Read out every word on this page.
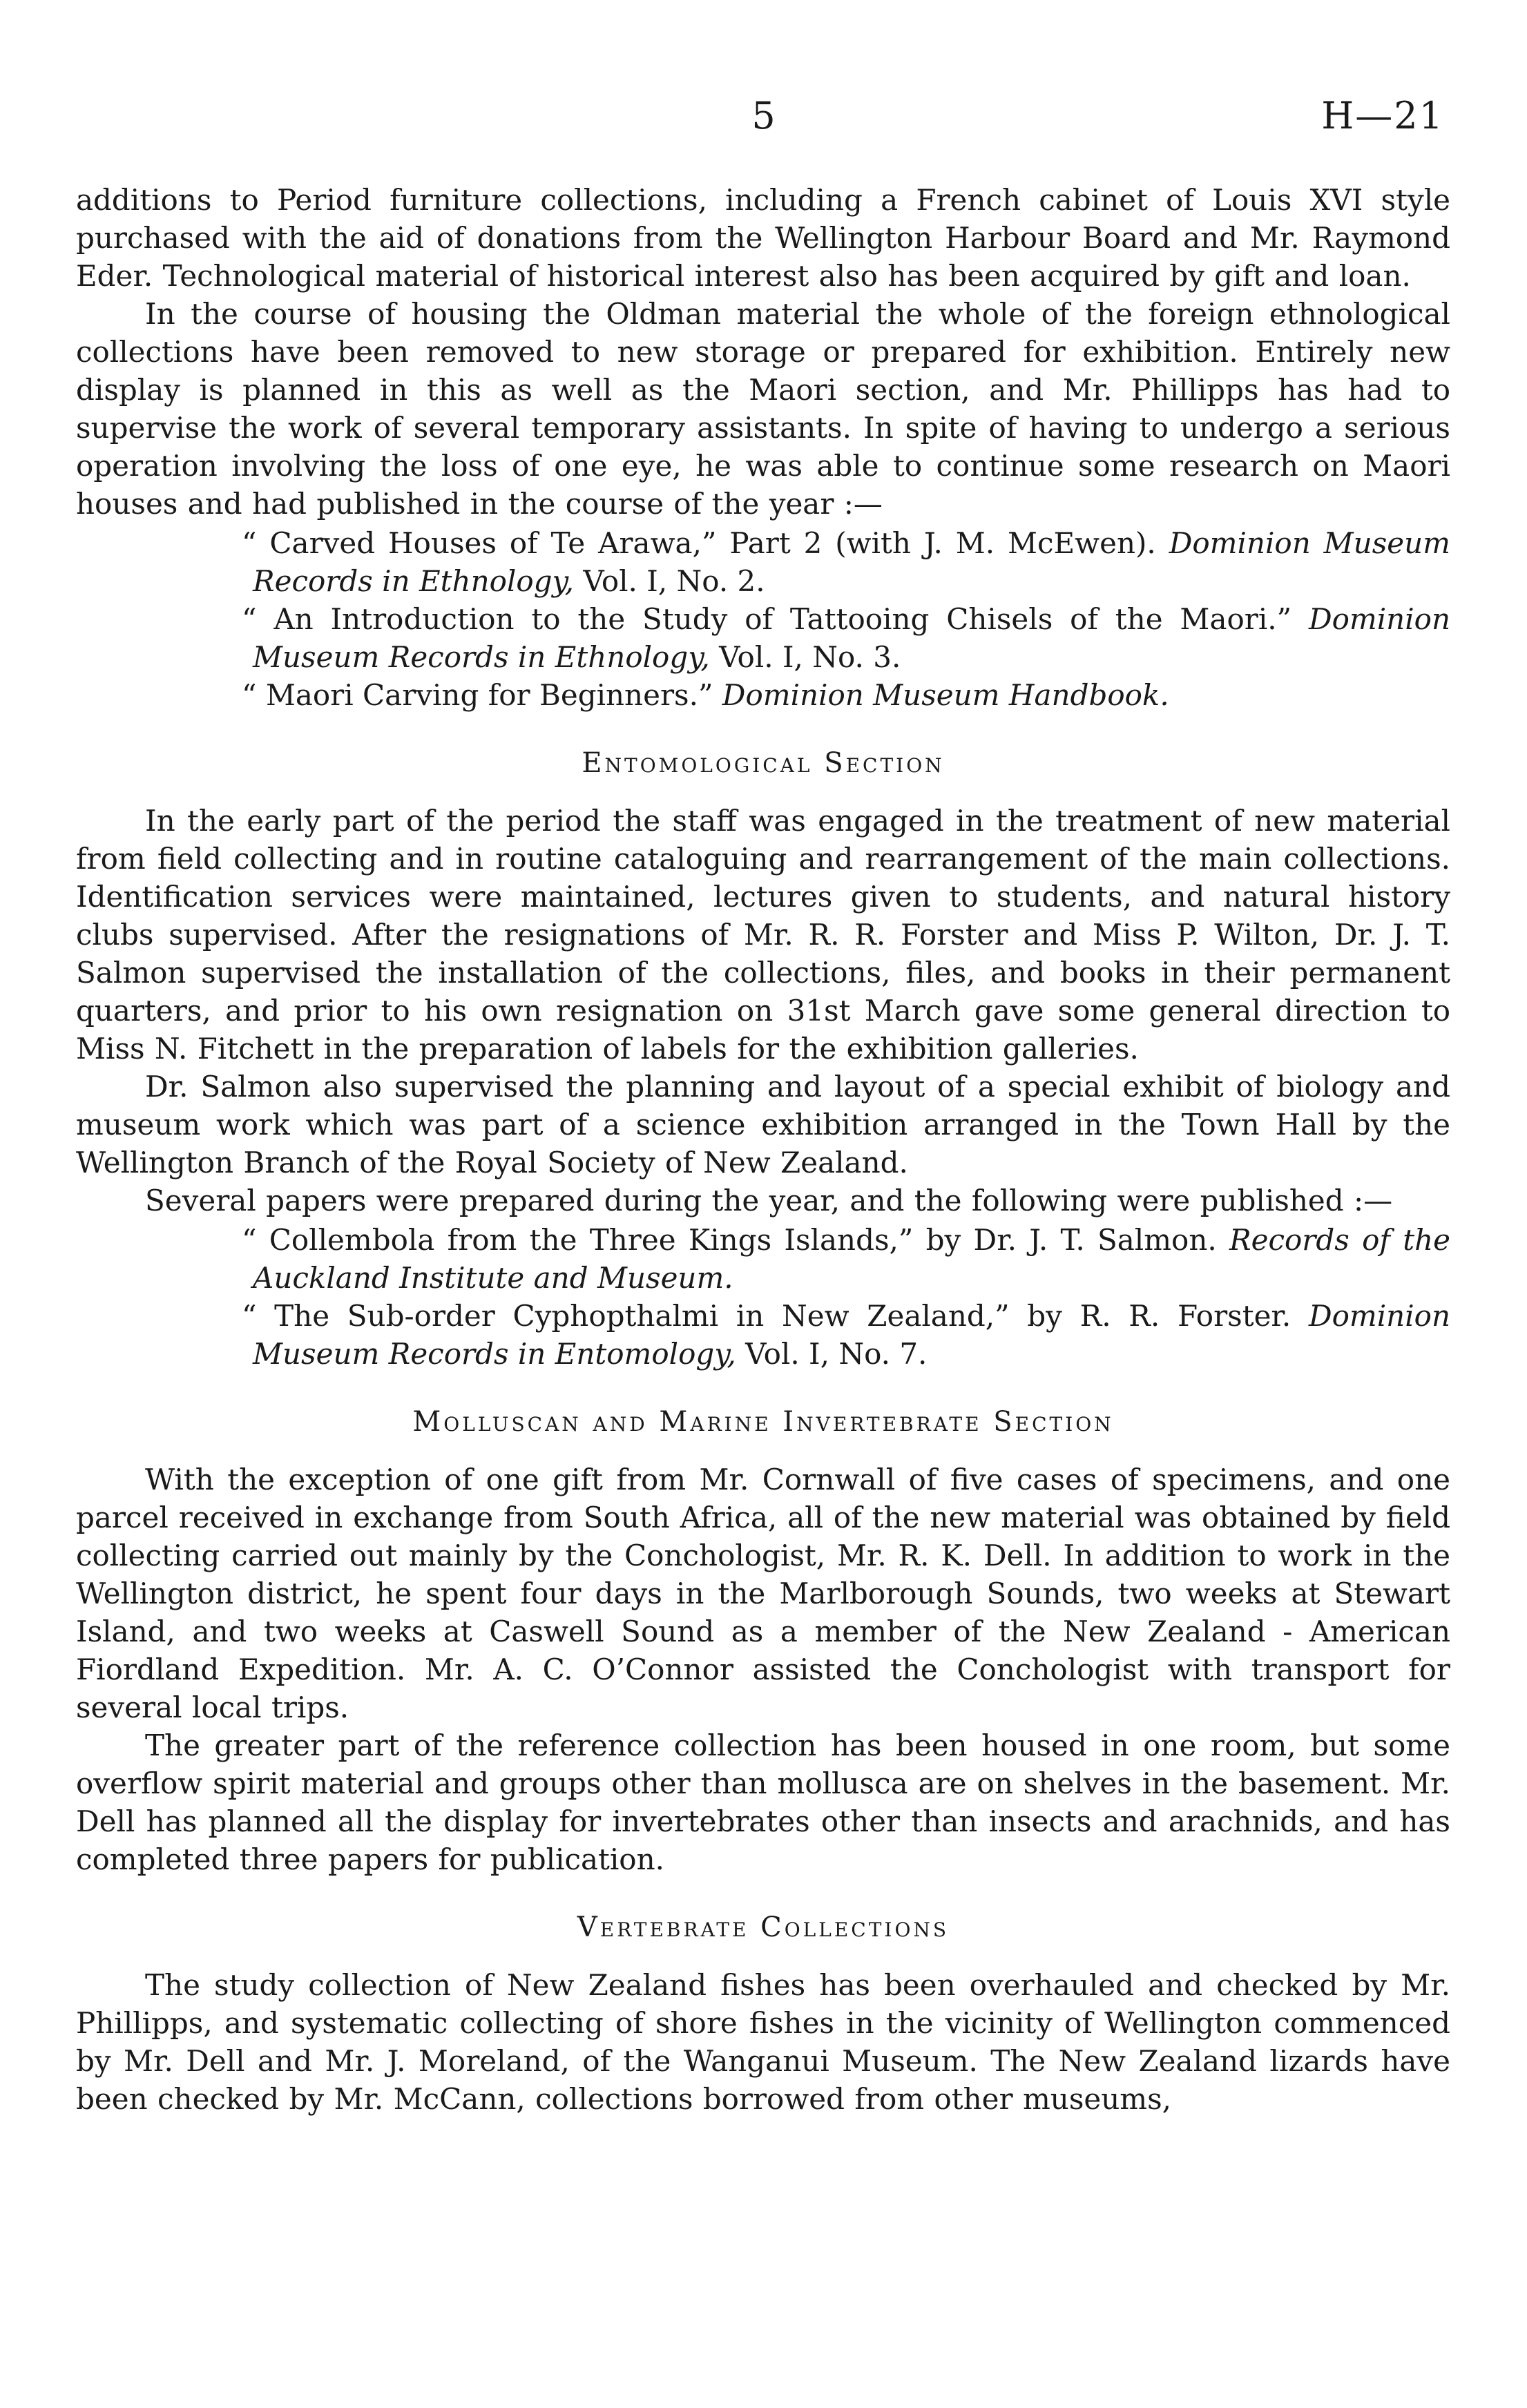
5	H—21

additions to Period furniture collections, including a French cabinet of Louis XVI style purchased with the aid of donations from the Wellington Harbour Board and Mr. Raymond Eder. Technological material of historical interest also has been acquired by gift and loan.

In the course of housing the Oldman material the whole of the foreign ethnological collections have been removed to new storage or prepared for exhibition. Entirely new display is planned in this as well as the Maori section, and Mr. Phillipps has had to supervise the work of several temporary assistants. In spite of having to undergo a serious operation involving the loss of one eye, he was able to continue some research on Maori houses and had published in the course of the year :—

“ Carved Houses of Te Arawa,” Part 2 (with J. M. McEwen). Dominion Museum Records in Ethnology, Vol. I, No. 2.
“ An Introduction to the Study of Tattooing Chisels of the Maori.” Dominion Museum Records in Ethnology, Vol. I, No. 3.
“ Maori Carving for Beginners.” Dominion Museum Handbook.
Entomological Section

In the early part of the period the staff was engaged in the treatment of new material from field collecting and in routine cataloguing and rearrangement of the main collections. Identification services were maintained, lectures given to students, and natural history clubs supervised. After the resignations of Mr. R. R. Forster and Miss P. Wilton, Dr. J. T. Salmon supervised the installation of the collections, files, and books in their permanent quarters, and prior to his own resignation on 31st March gave some general direction to Miss N. Fitchett in the preparation of labels for the exhibition galleries.

Dr. Salmon also supervised the planning and layout of a special exhibit of biology and museum work which was part of a science exhibition arranged in the Town Hall by the Wellington Branch of the Royal Society of New Zealand.

Several papers were prepared during the year, and the following were published :—

“ Collembola from the Three Kings Islands,” by Dr. J. T. Salmon. Records of the Auckland Institute and Museum.
“ The Sub-order Cyphopthalmi in New Zealand,” by R. R. Forster. Dominion Museum Records in Entomology, Vol. I, No. 7.
Molluscan and Marine Invertebrate Section

With the exception of one gift from Mr. Cornwall of five cases of specimens, and one parcel received in exchange from South Africa, all of the new material was obtained by field collecting carried out mainly by the Conchologist, Mr. R. K. Dell. In addition to work in the Wellington district, he spent four days in the Marlborough Sounds, two weeks at Stewart Island, and two weeks at Caswell Sound as a member of the New Zealand - American Fiordland Expedition. Mr. A. C. O’Connor assisted the Conchologist with transport for several local trips.

The greater part of the reference collection has been housed in one room, but some overflow spirit material and groups other than mollusca are on shelves in the basement. Mr. Dell has planned all the display for invertebrates other than insects and arachnids, and has completed three papers for publication.

Vertebrate Collections

The study collection of New Zealand fishes has been overhauled and checked by Mr. Phillipps, and systematic collecting of shore fishes in the vicinity of Wellington commenced by Mr. Dell and Mr. J. Moreland, of the Wanganui Museum. The New Zealand lizards have been checked by Mr. McCann, collections borrowed from other museums,
